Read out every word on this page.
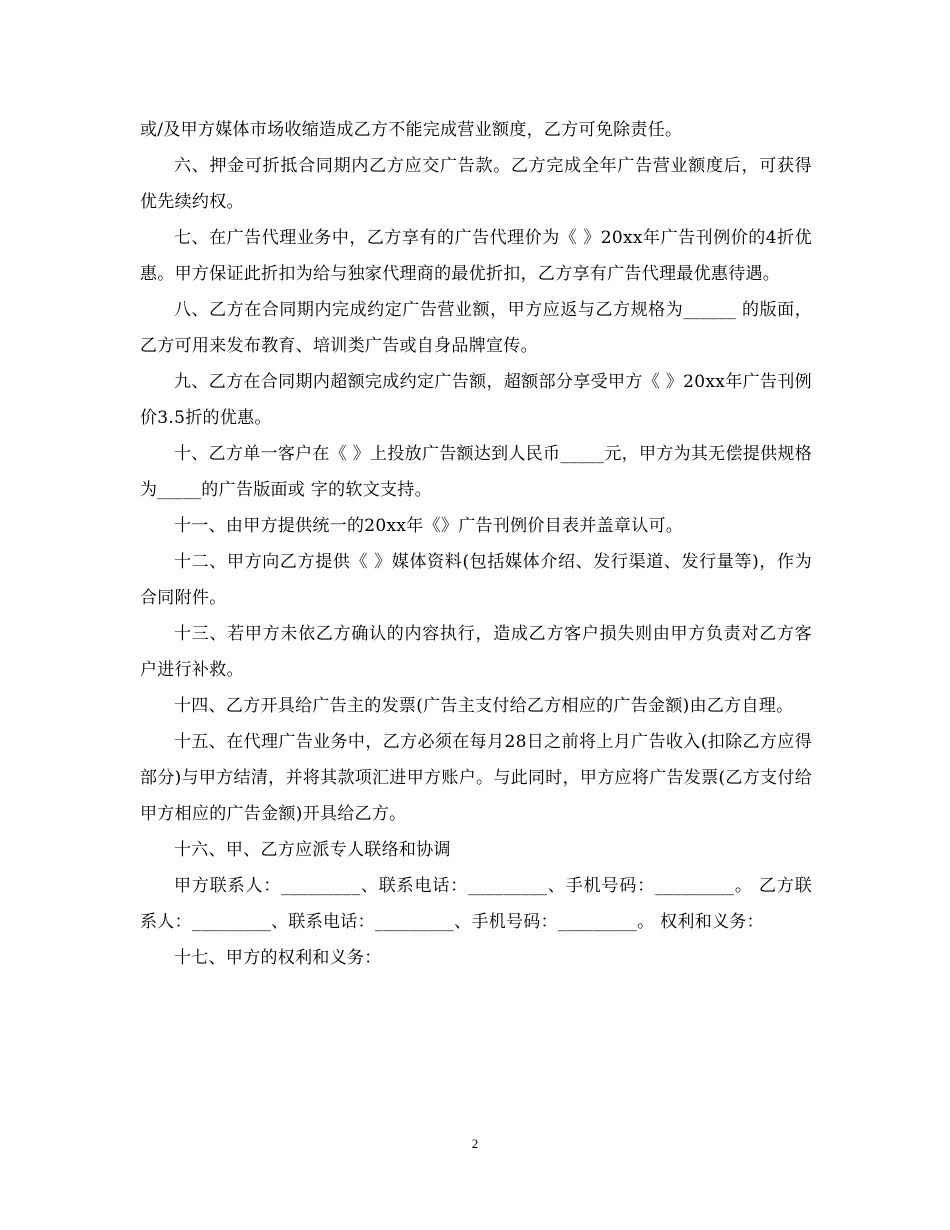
或/及甲方媒体市场收缩造成乙方不能完成营业额度，乙方可免除责任。

六、押金可折抵合同期内乙方应交广告款。乙方完成全年广告营业额度后，可获得优先续约权。

七、在广告代理业务中，乙方享有的广告代理价为《 》20xx年广告刊例价的4折优惠。甲方保证此折扣为给与独家代理商的最优折扣，乙方享有广告代理最优惠待遇。

八、乙方在合同期内完成约定广告营业额，甲方应返与乙方规格为______ 的版面，乙方可用来发布教育、培训类广告或自身品牌宣传。

九、乙方在合同期内超额完成约定广告额，超额部分享受甲方《 》20xx年广告刊例价3.5折的优惠。

十、乙方单一客户在《 》上投放广告额达到人民币_____元，甲方为其无偿提供规格为_____的广告版面或 字的软文支持。

十一、由甲方提供统一的20xx年《》广告刊例价目表并盖章认可。

十二、甲方向乙方提供《 》媒体资料(包括媒体介绍、发行渠道、发行量等)，作为合同附件。

十三、若甲方未依乙方确认的内容执行，造成乙方客户损失则由甲方负责对乙方客户进行补救。

十四、乙方开具给广告主的发票(广告主支付给乙方相应的广告金额)由乙方自理。

十五、在代理广告业务中，乙方必须在每月28日之前将上月广告收入(扣除乙方应得部分)与甲方结清，并将其款项汇进甲方账户。与此同时，甲方应将广告发票(乙方支付给甲方相应的广告金额)开具给乙方。

十六、甲、乙方应派专人联络和协调

甲方联系人：_________、联系电话：_________、手机号码：_________。 乙方联系人：_________、联系电话：_________、手机号码：_________。 权利和义务：

十七、甲方的权利和义务：

2
